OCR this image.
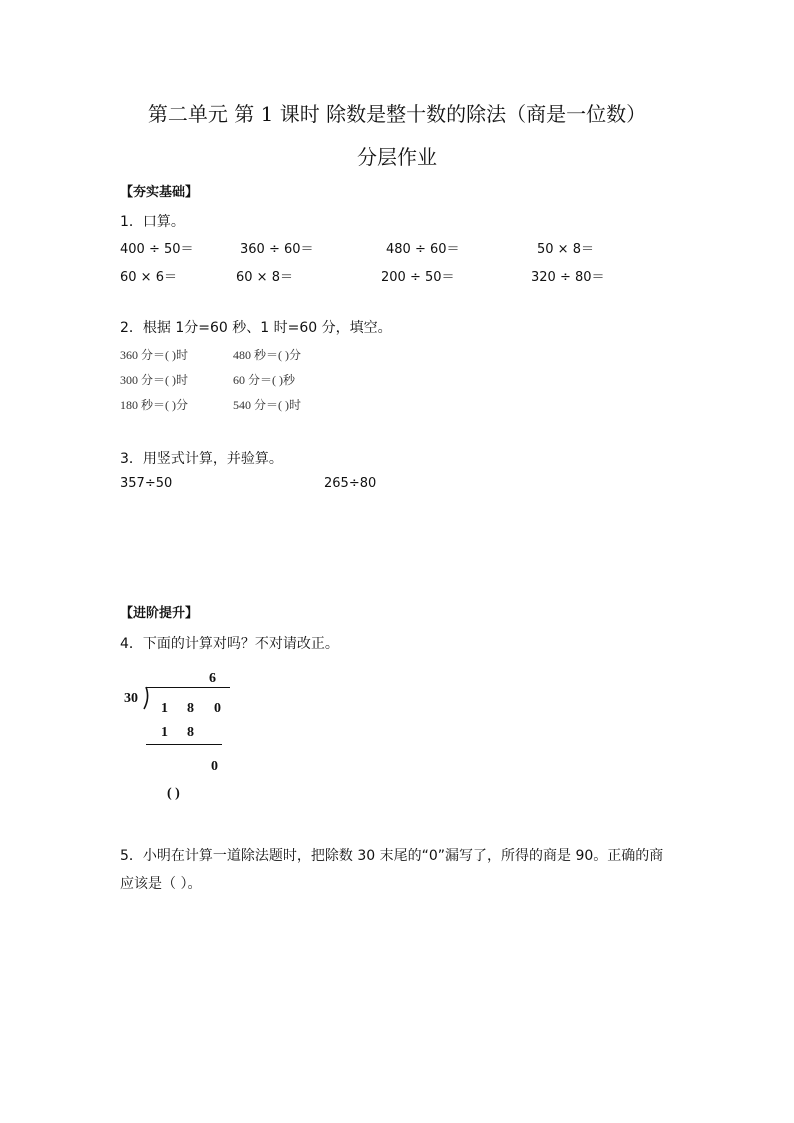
第二单元 第 1 课时 除数是整十数的除法（商是一位数）
分层作业
【夯实基础】
1．口算。
400 ÷ 50＝	360 ÷ 60＝	480 ÷ 60＝	50 × 8＝
60 × 6＝	60 × 8＝	200 ÷ 50＝	320 ÷ 80＝
2．根据 1分=60 秒、1 时=60 分，填空。
360 分＝( )时	480 秒＝( )分
300 分＝( )时	60 分＝( )秒
180 秒＝( )分	540 分＝( )时
3．用竖式计算，并验算。
357÷50	265÷80
【进阶提升】
4．下面的计算对吗？不对请改正。
6
30
1 8 0
1 8
0
( )
5．小明在计算一道除法题时，把除数 30 末尾的“0”漏写了，所得的商是 90。正确的商
应该是（ ）。
